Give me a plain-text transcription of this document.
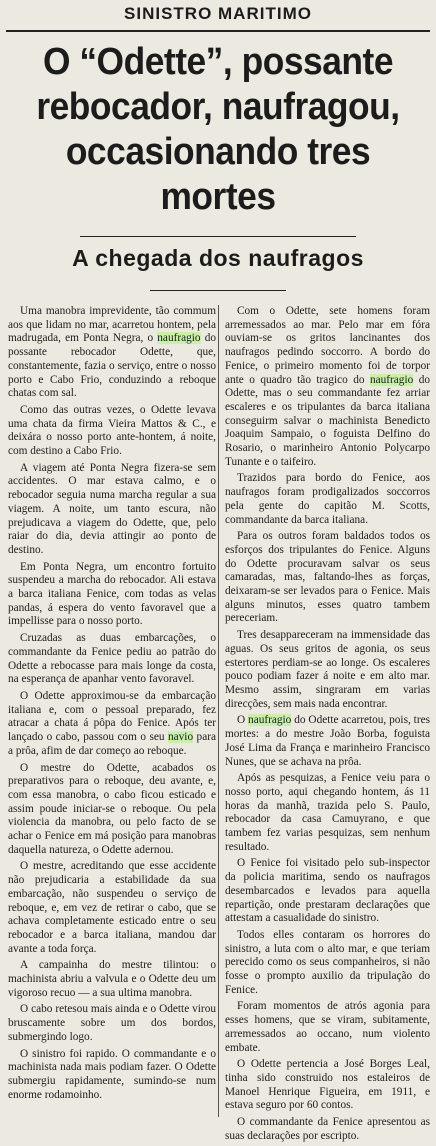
SINISTRO MARITIMO
O “Odette”, possante rebocador, naufragou, occasionando tres mortes
A chegada dos naufragos

Uma manobra imprevidente, tão commum aos que lidam no mar, acarretou hontem, pela madrugada, em Ponta Negra, o naufragio do possante rebocador Odette, que, constantemente, fazia o serviço, entre o nosso porto e Cabo Frio, conduzindo a reboque chatas com sal.

Como das outras vezes, o Odette levava uma chata da firma Vieira Mattos & C., e deixára o nosso porto ante-hontem, á noite, com destino a Cabo Frio.

A viagem até Ponta Negra fizera-se sem accidentes. O mar estava calmo, e o rebocador seguia numa marcha regular a sua viagem. A noite, um tanto escura, não prejudicava a viagem do Odette, que, pelo raiar do dia, devia attingir ao ponto de destino.

Em Ponta Negra, um encontro fortuito suspendeu a marcha do rebocador. Ali estava a barca italiana Fenice, com todas as velas pandas, á espera do vento favoravel que a impellisse para o nosso porto.

Cruzadas as duas embarcações, o commandante da Fenice pediu ao patrão do Odette a rebocasse para mais longe da costa, na esperança de apanhar vento favoravel.

O Odette approximou-se da embarcação italiana e, com o pessoal preparado, fez atracar a chata á pôpa do Fenice. Após ter lançado o cabo, passou com o seu navio para a prôa, afim de dar começo ao reboque.

O mestre do Odette, acabados os preparativos para o reboque, deu avante, e, com essa manobra, o cabo ficou esticado e assim poude iniciar-se o reboque. Ou pela violencia da manobra, ou pelo facto de se achar o Fenice em má posição para manobras daquella natureza, o Odette adernou.

O mestre, acreditando que esse accidente não prejudicaria a estabilidade da sua embarcação, não suspendeu o serviço de reboque, e, em vez de retirar o cabo, que se achava completamente esticado entre o seu rebocador e a barca italiana, mandou dar avante a toda força.

A campainha do mestre tilintou: o machinista abriu a valvula e o Odette deu um vigoroso recuo — a sua ultima manobra.

O cabo retesou mais ainda e o Odette virou bruscamente sobre um dos bordos, submergindo logo.

O sinistro foi rapido. O commandante e o machinista nada mais podiam fazer. O Odette submergiu rapidamente, sumindo-se num enorme rodamoinho.

Com o Odette, sete homens foram arremessados ao mar. Pelo mar em fóra ouviam-se os gritos lancinantes dos naufragos pedindo soccorro. A bordo do Fenice, o primeiro momento foi de torpor ante o quadro tão tragico do naufragio do Odette, mas o seu commandante fez arriar escaleres e os tripulantes da barca italiana conseguirm salvar o machinista Benedicto Joaquim Sampaio, o foguista Delfino do Rosario, o marinheiro Antonio Polycarpo Tunante e o taifeiro.

Trazidos para bordo do Fenice, aos naufragos foram prodigalizados soccorros pela gente do capitão M. Scotts, commandante da barca italiana.

Para os outros foram baldados todos os esforços dos tripulantes do Fenice. Alguns do Odette procuravam salvar os seus camaradas, mas, faltando-lhes as forças, deixaram-se ser levados para o Fenice. Mais alguns minutos, esses quatro tambem pereceriam.

Tres desappareceram na immensidade das aguas. Os seus gritos de agonia, os seus estertores perdiam-se ao longe. Os escaleres pouco podiam fazer á noite e em alto mar. Mesmo assim, singraram em varias direcções, sem mais nada encontrar.

O naufragio do Odette acarretou, pois, tres mortes: a do mestre João Borba, foguista José Lima da França e marinheiro Francisco Nunes, que se achava na prôa.

Após as pesquizas, a Fenice veiu para o nosso porto, aqui chegando hontem, ás 11 horas da manhã, trazida pelo S. Paulo, rebocador da casa Camuyrano, e que tambem fez varias pesquizas, sem nenhum resultado.

O Fenice foi visitado pelo sub-inspector da policia maritima, sendo os naufragos desembarcados e levados para aquella repartição, onde prestaram declarações que attestam a casualidade do sinistro.

Todos elles contaram os horrores do sinistro, a luta com o alto mar, e que teriam perecido como os seus companheiros, si não fosse o prompto auxilio da tripulação do Fenice.

Foram momentos de atrós agonia para esses homens, que se viram, subitamente, arremessados ao occano, num violento embate.

O Odette pertencia a José Borges Leal, tinha sido construido nos estaleiros de Manoel Henrique Figueira, em 1911, e estava seguro por 60 contos.

O commandante da Fenice apresentou as suas declarações por escripto.
